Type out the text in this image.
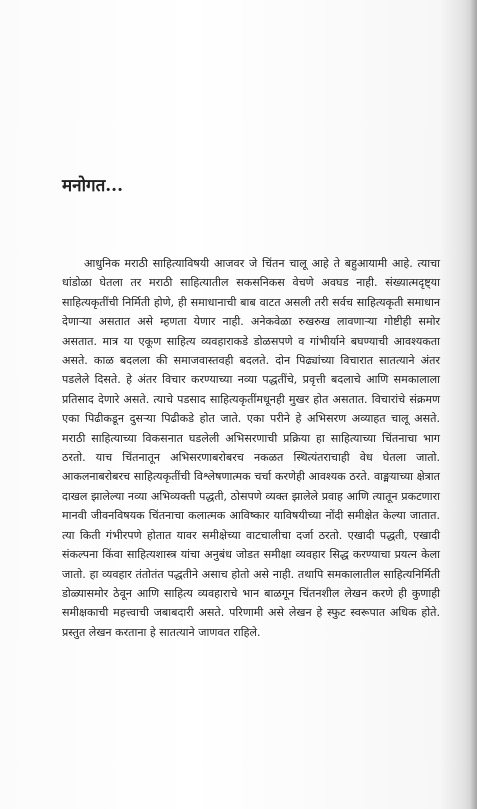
मनोगत...

आधुनिक मराठी साहित्याविषयी आजवर जे चिंतन चालू आहे ते बहुआयामी आहे. त्याचा धांडोळा घेतला तर मराठी साहित्यातील सकसनिकस वेचणे अवघड नाही. संख्यात्मदृष्ट्या साहित्यकृतींची निर्मिती होणे, ही समाधानाची बाब वाटत असली तरी सर्वच साहित्यकृती समाधान देणाऱ्या असतात असे म्हणता येणार नाही. अनेकवेळा रुखरुख लावणाऱ्या गोष्टीही समोर असतात. मात्र या एकूण साहित्य व्यवहाराकडे डोळसपणे व गांभीर्याने बघण्याची आवश्यकता असते. काळ बदलला की समाजवास्तवही बदलते. दोन पिढ्यांच्या विचारात सातत्याने अंतर पडलेले दिसते. हे अंतर विचार करण्याच्या नव्या पद्धतींचे, प्रवृत्ती बदलाचे आणि समकालाला प्रतिसाद देणारे असते. त्याचे पडसाद साहित्यकृतींमधूनही मुखर होत असतात. विचारांचे संक्रमण एका पिढीकडून दुसऱ्या पिढीकडे होत जाते. एका परीने हे अभिसरण अव्याहत चालू असते. मराठी साहित्याच्या विकसनात घडलेली अभिसरणाची प्रक्रिया हा साहित्याच्या चिंतनाचा भाग ठरतो. याच चिंतनातून अभिसरणाबरोबरच नकळत स्थित्यंतराचाही वेध घेतला जातो. आकलनाबरोबरच साहित्यकृतींची विश्लेषणात्मक चर्चा करणेही आवश्यक ठरते. वाङ्मयाच्या क्षेत्रात दाखल झालेल्या नव्या अभिव्यक्ती पद्धती, ठोसपणे व्यक्त झालेले प्रवाह आणि त्यातून प्रकटणारा मानवी जीवनविषयक चिंतनाचा कलात्मक आविष्कार याविषयीच्या नोंदी समीक्षेत केल्या जातात. त्या किती गंभीरपणे होतात यावर समीक्षेच्या वाटचालीचा दर्जा ठरतो. एखादी पद्धती, एखादी संकल्पना किंवा साहित्यशास्त्र यांचा अनुबंध जोडत समीक्षा व्यवहार सिद्ध करण्याचा प्रयत्न केला जातो. हा व्यवहार तंतोतंत पद्धतीने असाच होतो असे नाही. तथापि समकालातील साहित्यनिर्मिती डोळ्यासमोर ठेवून आणि साहित्य व्यवहाराचे भान बाळगून चिंतनशील लेखन करणे ही कुणाही समीक्षकाची महत्त्वाची जबाबदारी असते. परिणामी असे लेखन हे स्फुट स्वरूपात अधिक होते. प्रस्तुत लेखन करताना हे सातत्याने जाणवत राहिले.
